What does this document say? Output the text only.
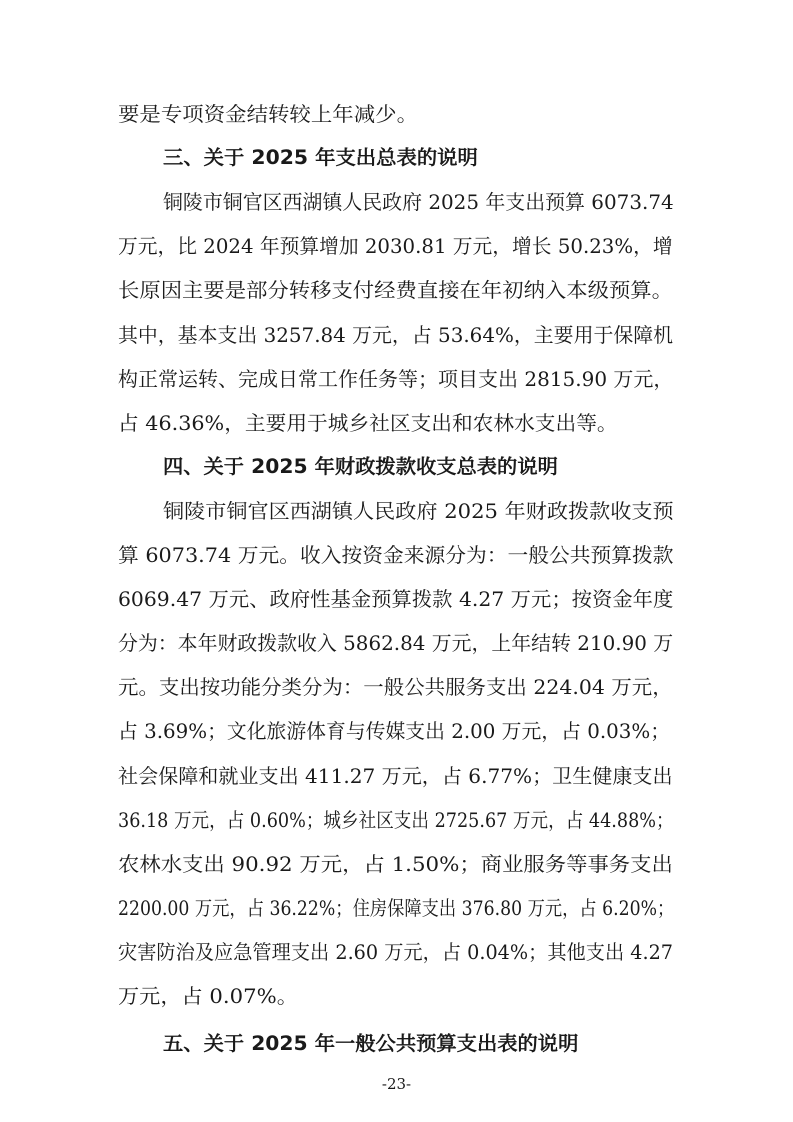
要是专项资金结转较上年减少。
三、关于 2025 年支出总表的说明
铜陵市铜官区西湖镇人民政府 2025 年支出预算 6073.74
万元，比 2024 年预算增加 2030.81 万元，增长 50.23%，增
长原因主要是部分转移支付经费直接在年初纳入本级预算。
其中，基本支出 3257.84 万元，占 53.64%，主要用于保障机
构正常运转、完成日常工作任务等；项目支出 2815.90 万元，
占 46.36%，主要用于城乡社区支出和农林水支出等。
四、关于 2025 年财政拨款收支总表的说明
铜陵市铜官区西湖镇人民政府 2025 年财政拨款收支预
算 6073.74 万元。收入按资金来源分为：一般公共预算拨款
6069.47 万元、政府性基金预算拨款 4.27 万元；按资金年度
分为：本年财政拨款收入 5862.84 万元，上年结转 210.90 万
元。支出按功能分类分为：一般公共服务支出 224.04 万元，
占 3.69%；文化旅游体育与传媒支出 2.00 万元，占 0.03%；
社会保障和就业支出 411.27 万元，占 6.77%；卫生健康支出
36.18 万元，占 0.60%；城乡社区支出 2725.67 万元，占 44.88%；
农林水支出 90.92 万元，占 1.50%；商业服务等事务支出
2200.00 万元，占 36.22%；住房保障支出 376.80 万元，占 6.20%；
灾害防治及应急管理支出 2.60 万元，占 0.04%；其他支出 4.27
万元，占 0.07%。
五、关于 2025 年一般公共预算支出表的说明
-23-
